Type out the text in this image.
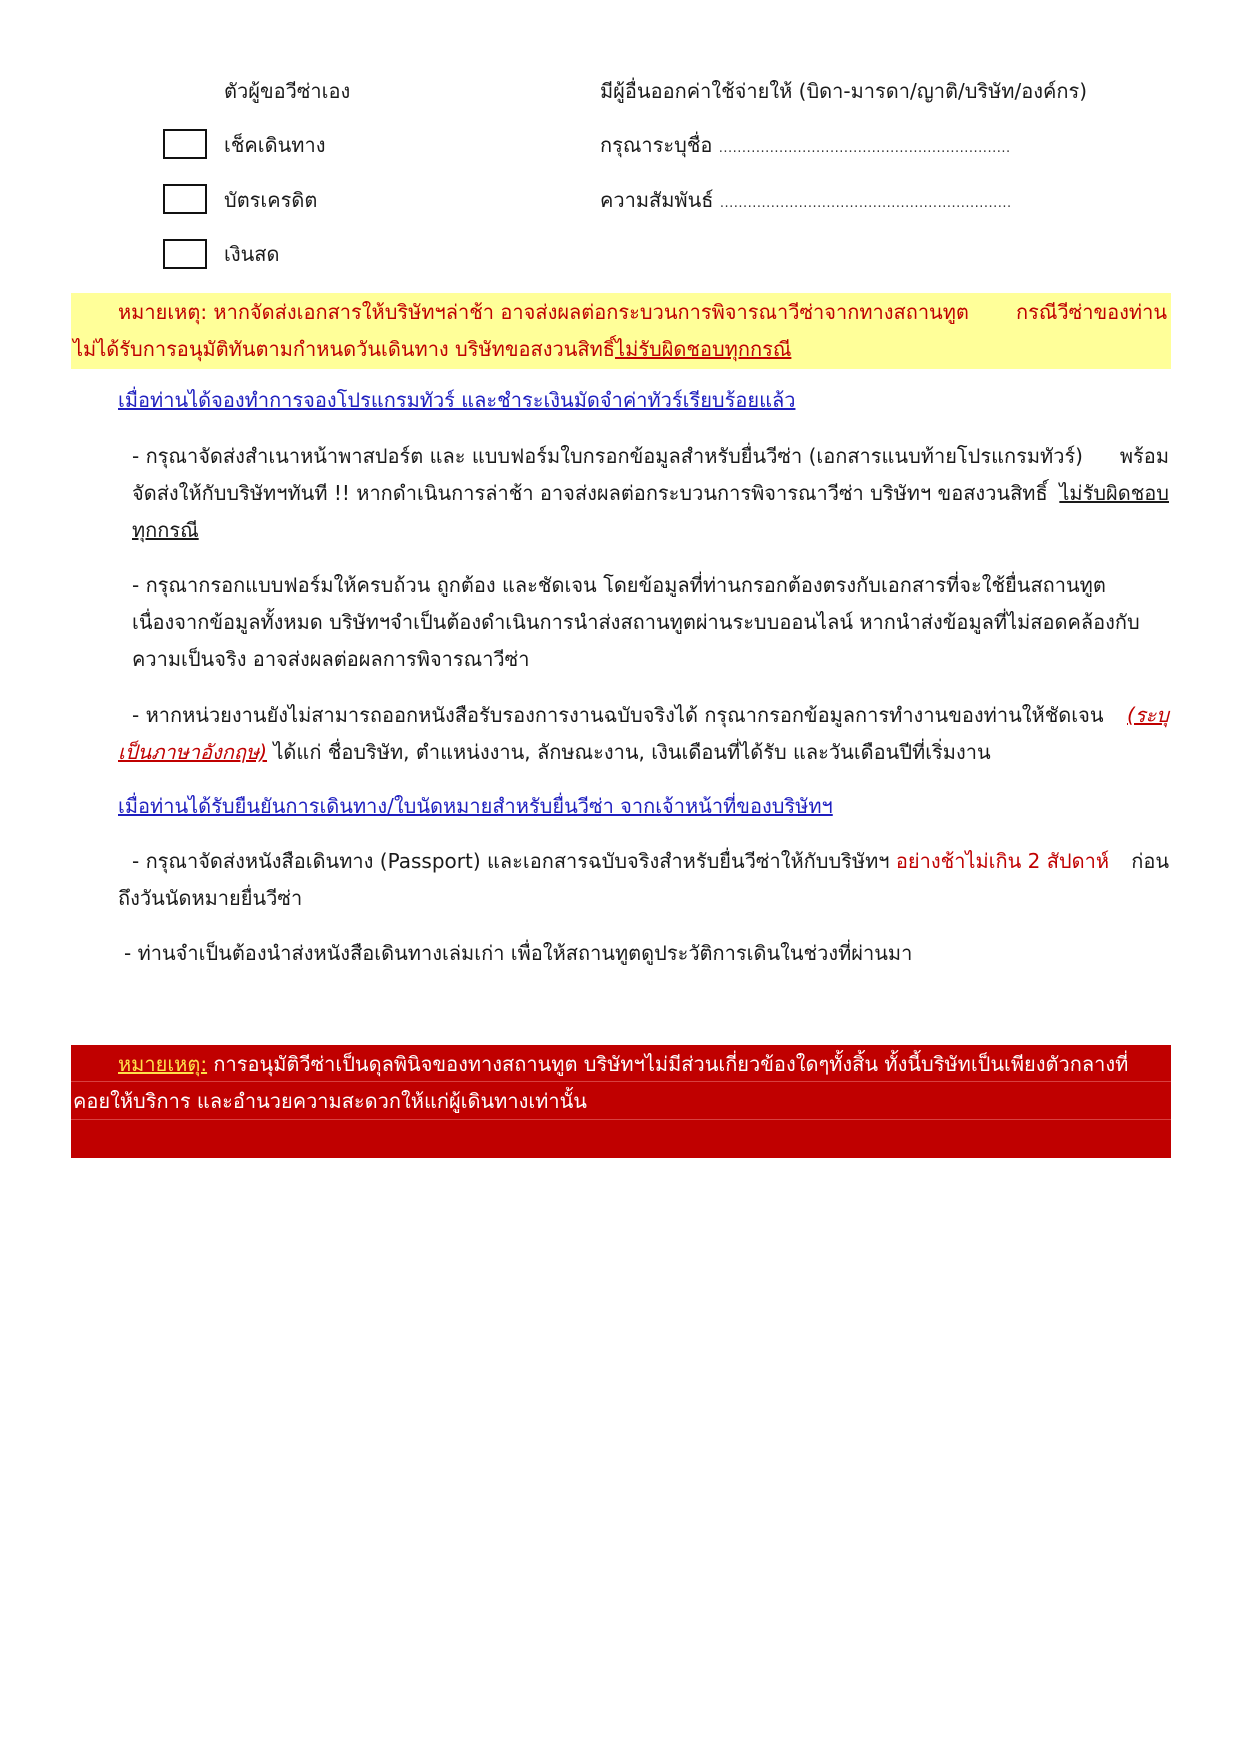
ตัวผู้ขอวีซ่าเอง	มีผู้อื่นออกค่าใช้จ่ายให้ (บิดา-มารดา/ญาติ/บริษัท/องค์กร)
เช็คเดินทาง
บัตรเครดิต
เงินสด
กรุณาระบุชื่อ ...............................................................
ความสัมพันธ์ ...............................................................
หมายเหตุ: หากจัดส่งเอกสารให้บริษัทฯล่าช้า อาจส่งผลต่อกระบวนการพิจารณาวีซ่าจากทางสถานทูต กรณีวีซ่าของท่าน
ไม่ได้รับการอนุมัติทันตามกำหนดวันเดินทาง บริษัทขอสงวนสิทธิ์ไม่รับผิดชอบทุกกรณี
เมื่อท่านได้จองทำการจองโปรแกรมทัวร์ และชำระเงินมัดจำค่าทัวร์เรียบร้อยแล้ว
- กรุณาจัดส่งสำเนาหน้าพาสปอร์ต และ แบบฟอร์มใบกรอกข้อมูลสำหรับยื่นวีซ่า (เอกสารแนบท้ายโปรแกรมทัวร์) พร้อม
จัดส่งให้กับบริษัทฯทันที !! หากดำเนินการล่าช้า อาจส่งผลต่อกระบวนการพิจารณาวีซ่า บริษัทฯ ขอสงวนสิทธิ์ ไม่รับผิดชอบ
ทุกกรณี
- กรุณากรอกแบบฟอร์มให้ครบถ้วน ถูกต้อง และชัดเจน โดยข้อมูลที่ท่านกรอกต้องตรงกับเอกสารที่จะใช้ยื่นสถานทูต
เนื่องจากข้อมูลทั้งหมด บริษัทฯจำเป็นต้องดำเนินการนำส่งสถานทูตผ่านระบบออนไลน์ หากนำส่งข้อมูลที่ไม่สอดคล้องกับ
ความเป็นจริง อาจส่งผลต่อผลการพิจารณาวีซ่า
- หากหน่วยงานยังไม่สามารถออกหนังสือรับรองการงานฉบับจริงได้ กรุณากรอกข้อมูลการทำงานของท่านให้ชัดเจน (ระบุ
เป็นภาษาอังกฤษ) ได้แก่ ชื่อบริษัท, ตำแหน่งงาน, ลักษณะงาน, เงินเดือนที่ได้รับ และวันเดือนปีที่เริ่มงาน
เมื่อท่านได้รับยืนยันการเดินทาง/ใบนัดหมายสำหรับยื่นวีซ่า จากเจ้าหน้าที่ของบริษัทฯ
- กรุณาจัดส่งหนังสือเดินทาง (Passport) และเอกสารฉบับจริงสำหรับยื่นวีซ่าให้กับบริษัทฯ อย่างช้าไม่เกิน 2 สัปดาห์ ก่อน
ถึงวันนัดหมายยื่นวีซ่า
- ท่านจำเป็นต้องนำส่งหนังสือเดินทางเล่มเก่า เพื่อให้สถานทูตดูประวัติการเดินในช่วงที่ผ่านมา
หมายเหตุ: การอนุมัติวีซ่าเป็นดุลพินิจของทางสถานทูต บริษัทฯไม่มีส่วนเกี่ยวข้องใดๆทั้งสิ้น ทั้งนี้บริษัทเป็นเพียงตัวกลางที่
คอยให้บริการ และอำนวยความสะดวกให้แก่ผู้เดินทางเท่านั้น
